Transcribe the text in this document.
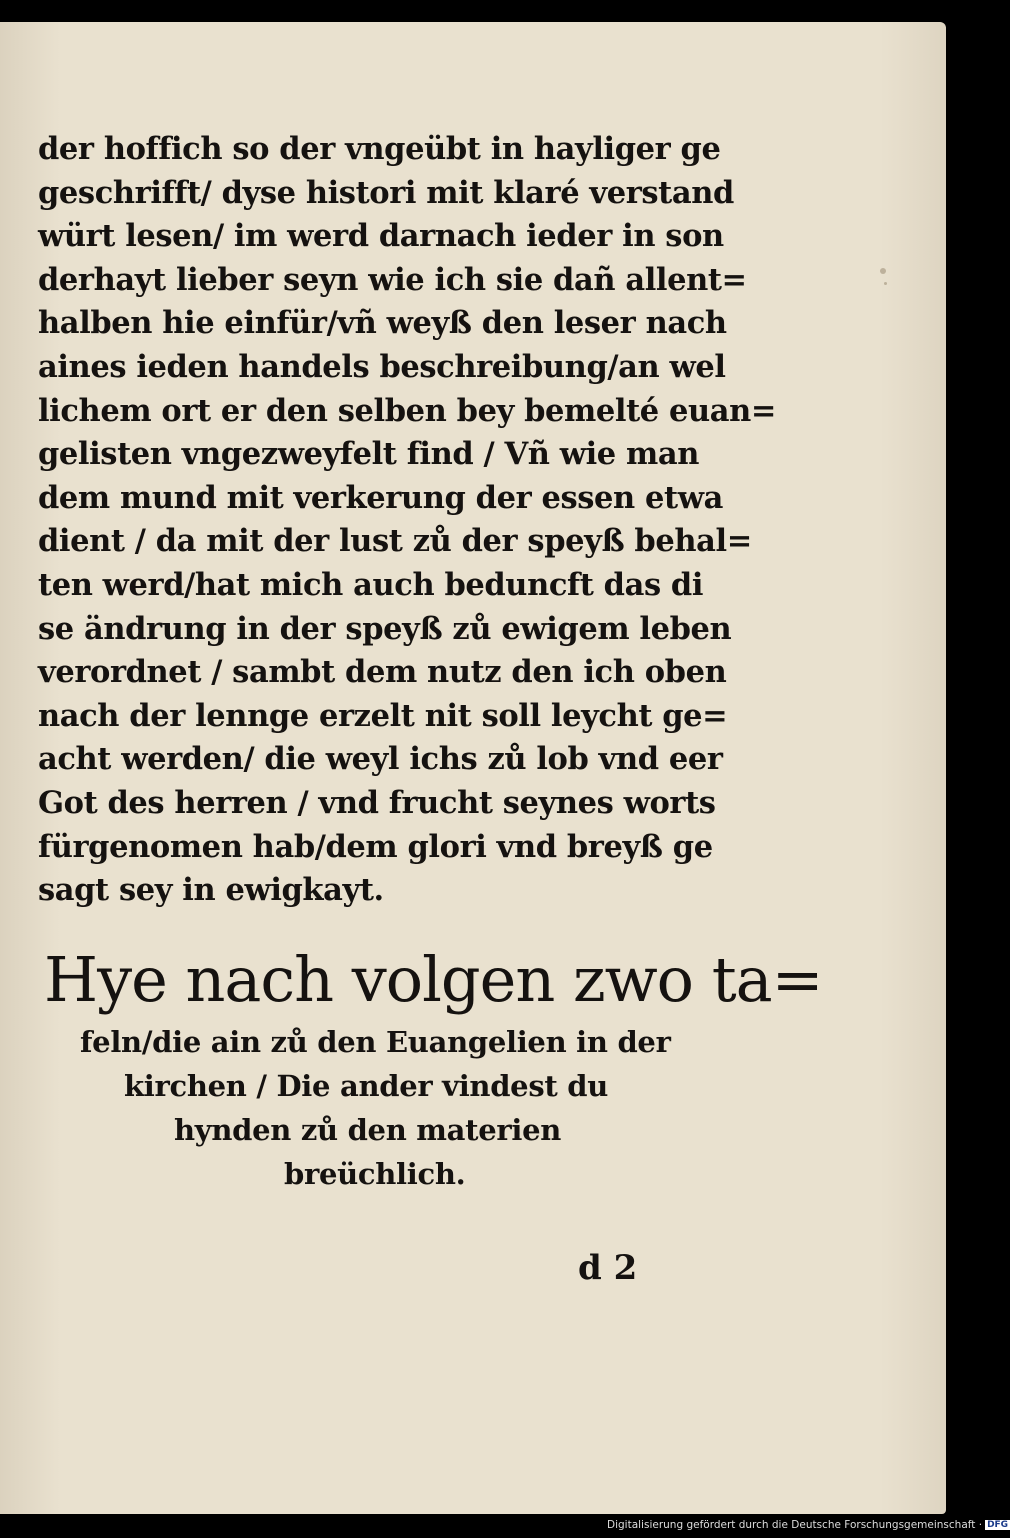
der hoffich so der vngeübt in hayliger ge
geschrifft/ dyse histori mit klaré verstand
würt lesen/ im werd darnach ieder in son
derhayt lieber seyn wie ich sie dañ allent=
halben hie einfür/vñ weyß den leser nach
aines ieden handels beschreibung/an wel
lichem ort er den selben bey bemelté euan=
gelisten vngezweyfelt find / Vñ wie man
dem mund mit verkerung der essen etwa
dient / da mit der lust zů der speyß behal=
ten werd/hat mich auch beduncft das di
se ändrung in der speyß zů ewigem leben
verordnet / sambt dem nutz den ich oben
nach der lennge erzelt nit soll leycht ge=
acht werden/ die weyl ichs zů lob vnd eer
Got des herren / vnd frucht seynes worts
fürgenomen hab/dem glori vnd breyß ge
sagt sey in ewigkayt.
Hye nach volgen zwo ta=
feln/die ain zů den Euangelien in der
kirchen / Die ander vindest du
hynden zů den materien
breüchlich.
d 2
Digitalisierung gefördert durch die Deutsche Forschungsgemeinschaft · DFG
